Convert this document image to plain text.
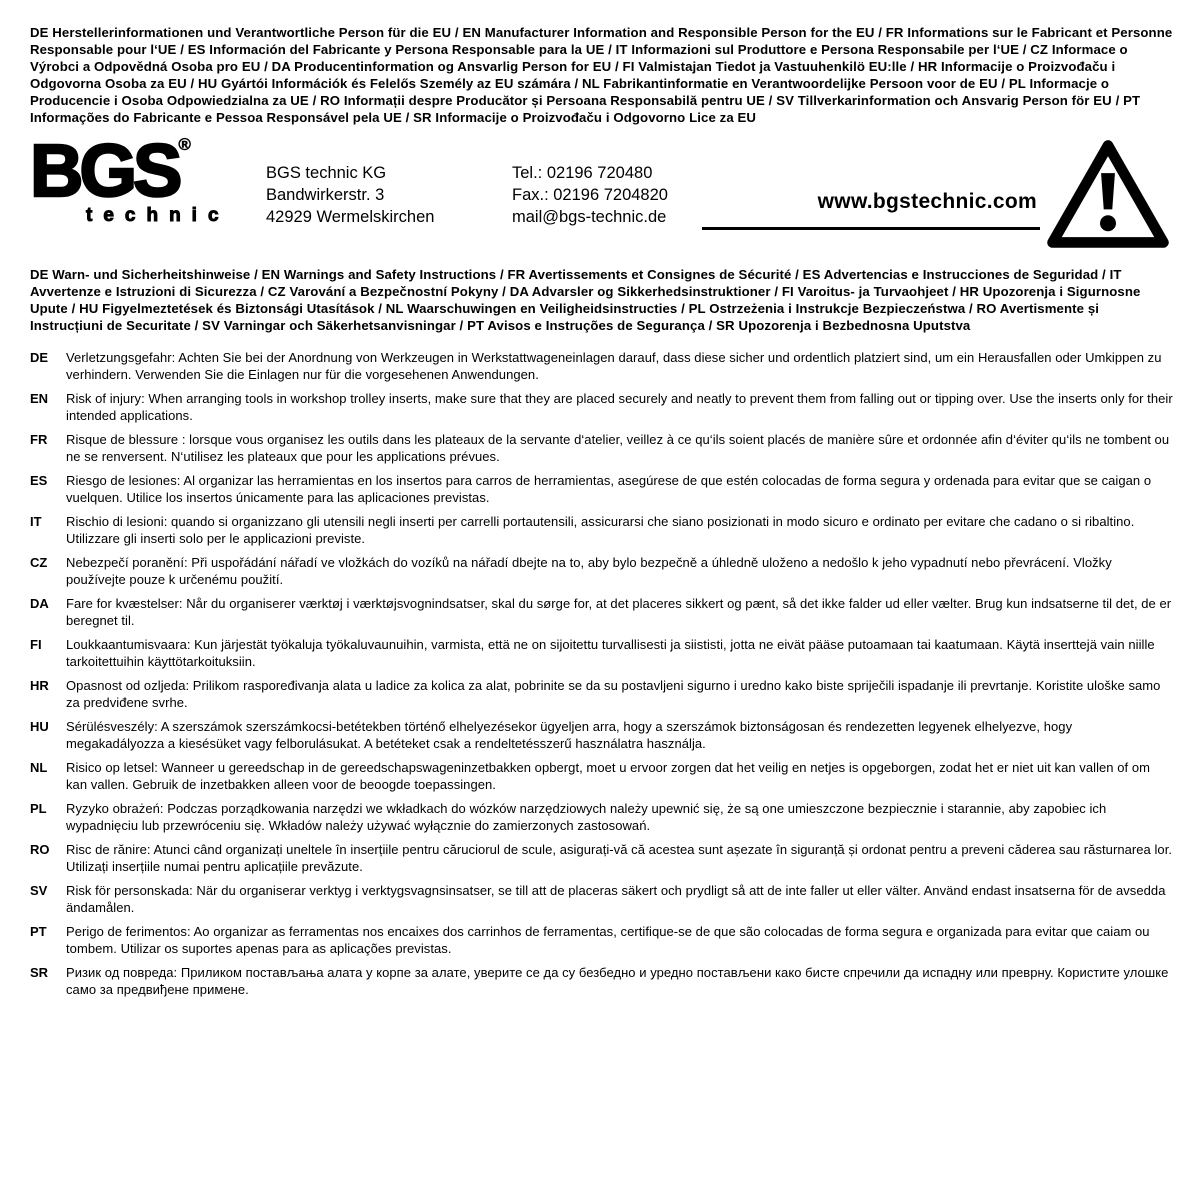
DE Herstellerinformationen und Verantwortliche Person für die EU / EN Manufacturer Information and Responsible Person for the EU / FR Informations sur le Fabricant et Personne Responsable pour l‘UE / ES Información del Fabricante y Persona Responsable para la UE / IT Informazioni sul Produttore e Persona Responsabile per l‘UE / CZ Informace o Výrobci a Odpovědná Osoba pro EU / DA Producentinformation og Ansvarlig Person for EU / FI Valmistajan Tiedot ja Vastuuhenkilö EU:lle / HR Informacije o Proizvođaču i Odgovorna Osoba za EU / HU Gyártói Információk és Felelős Személy az EU számára / NL Fabrikantinformatie en Verantwoordelijke Persoon voor de EU / PL Informacje o Producencie i Osoba Odpowiedzialna za UE / RO Informații despre Producător și Persoana Responsabilă pentru UE / SV Tillverkarinformation och Ansvarig Person för EU / PT Informações do Fabricante e Pessoa Responsável pela UE / SR Informacije o Proizvođaču i Odgovorno Lice za EU
BGS®
technic
BGS technic KG
Bandwirkerstr. 3
42929 Wermelskirchen
Tel.: 02196 720480
Fax.: 02196 7204820
mail@bgs-technic.de
www.bgstechnic.com
DE Warn- und Sicherheitshinweise / EN Warnings and Safety Instructions / FR Avertissements et Consignes de Sécurité / ES Advertencias e Instrucciones de Seguridad / IT Avvertenze e Istruzioni di Sicurezza / CZ Varování a Bezpečnostní Pokyny / DA Advarsler og Sikkerhedsinstruktioner / FI Varoitus- ja Turvaohjeet / HR Upozorenja i Sigurnosne Upute / HU Figyelmeztetések és Biztonsági Utasítások / NL Waarschuwingen en Veiligheidsinstructies / PL Ostrzeżenia i Instrukcje Bezpieczeństwa / RO Avertismente și Instrucțiuni de Securitate / SV Varningar och Säkerhetsanvisningar / PT Avisos e Instruções de Segurança / SR Upozorenja i Bezbednosna Uputstva
DE	Verletzungsgefahr: Achten Sie bei der Anordnung von Werkzeugen in Werkstattwageneinlagen darauf, dass diese sicher und ordentlich platziert sind, um ein Herausfallen oder Umkippen zu verhindern. Verwenden Sie die Einlagen nur für die vorgesehenen Anwendungen.
EN	Risk of injury: When arranging tools in workshop trolley inserts, make sure that they are placed securely and neatly to prevent them from falling out or tipping over. Use the inserts only for their intended applications.
FR	Risque de blessure : lorsque vous organisez les outils dans les plateaux de la servante d‘atelier, veillez à ce qu‘ils soient placés de manière sûre et ordonnée afin d‘éviter qu‘ils ne tombent ou ne se renversent. N‘utilisez les plateaux que pour les applications prévues.
ES	Riesgo de lesiones: Al organizar las herramientas en los insertos para carros de herramientas, asegúrese de que estén colocadas de forma segura y ordenada para evitar que se caigan o vuelquen. Utilice los insertos únicamente para las aplicaciones previstas.
IT	Rischio di lesioni: quando si organizzano gli utensili negli inserti per carrelli portautensili, assicurarsi che siano posizionati in modo sicuro e ordinato per evitare che cadano o si ribaltino. Utilizzare gli inserti solo per le applicazioni previste.
CZ	Nebezpečí poranění: Při uspořádání nářadí ve vložkách do vozíků na nářadí dbejte na to, aby bylo bezpečně a úhledně uloženo a nedošlo k jeho vypadnutí nebo převrácení. Vložky používejte pouze k určenému použití.
DA	Fare for kvæstelser: Når du organiserer værktøj i værktøjsvognindsatser, skal du sørge for, at det placeres sikkert og pænt, så det ikke falder ud eller vælter. Brug kun indsatserne til det, de er beregnet til.
FI	Loukkaantumisvaara: Kun järjestät työkaluja työkaluvaunuihin, varmista, että ne on sijoitettu turvallisesti ja siististi, jotta ne eivät pääse putoamaan tai kaatumaan. Käytä inserttejä vain niille tarkoitettuihin käyttötarkoituksiin.
HR	Opasnost od ozljeda: Prilikom raspoređivanja alata u ladice za kolica za alat, pobrinite se da su postavljeni sigurno i uredno kako biste spriječili ispadanje ili prevrtanje. Koristite uloške samo za predviđene svrhe.
HU	Sérülésveszély: A szerszámok szerszámkocsi-betétekben történő elhelyezésekor ügyeljen arra, hogy a szerszámok biztonságosan és rendezetten legyenek elhelyezve, hogy megakadályozza a kiesésüket vagy felborulásukat. A betéteket csak a rendeltetésszerű használatra használja.
NL	Risico op letsel: Wanneer u gereedschap in de gereedschapswageninzetbakken opbergt, moet u ervoor zorgen dat het veilig en netjes is opgeborgen, zodat het er niet uit kan vallen of om kan vallen. Gebruik de inzetbakken alleen voor de beoogde toepassingen.
PL	Ryzyko obrażeń: Podczas porządkowania narzędzi we wkładkach do wózków narzędziowych należy upewnić się, że są one umieszczone bezpiecznie i starannie, aby zapobiec ich wypadnięciu lub przewróceniu się. Wkładów należy używać wyłącznie do zamierzonych zastosowań.
RO	Risc de rănire: Atunci când organizați uneltele în inserțiile pentru căruciorul de scule, asigurați-vă că acestea sunt așezate în siguranță și ordonat pentru a preveni căderea sau răsturnarea lor. Utilizați inserțiile numai pentru aplicațiile prevăzute.
SV	Risk för personskada: När du organiserar verktyg i verktygsvagnsinsatser, se till att de placeras säkert och prydligt så att de inte faller ut eller välter. Använd endast insatserna för de avsedda ändamålen.
PT	Perigo de ferimentos: Ao organizar as ferramentas nos encaixes dos carrinhos de ferramentas, certifique-se de que são colocadas de forma segura e organizada para evitar que caiam ou tombem. Utilizar os suportes apenas para as aplicações previstas.
SR	Ризик од повреда: Приликом постављања алата у корпе за алате, уверите се да су безбедно и уредно постављени како бисте спречили да испадну или преврну. Користите улошке само за предвиђене примене.
